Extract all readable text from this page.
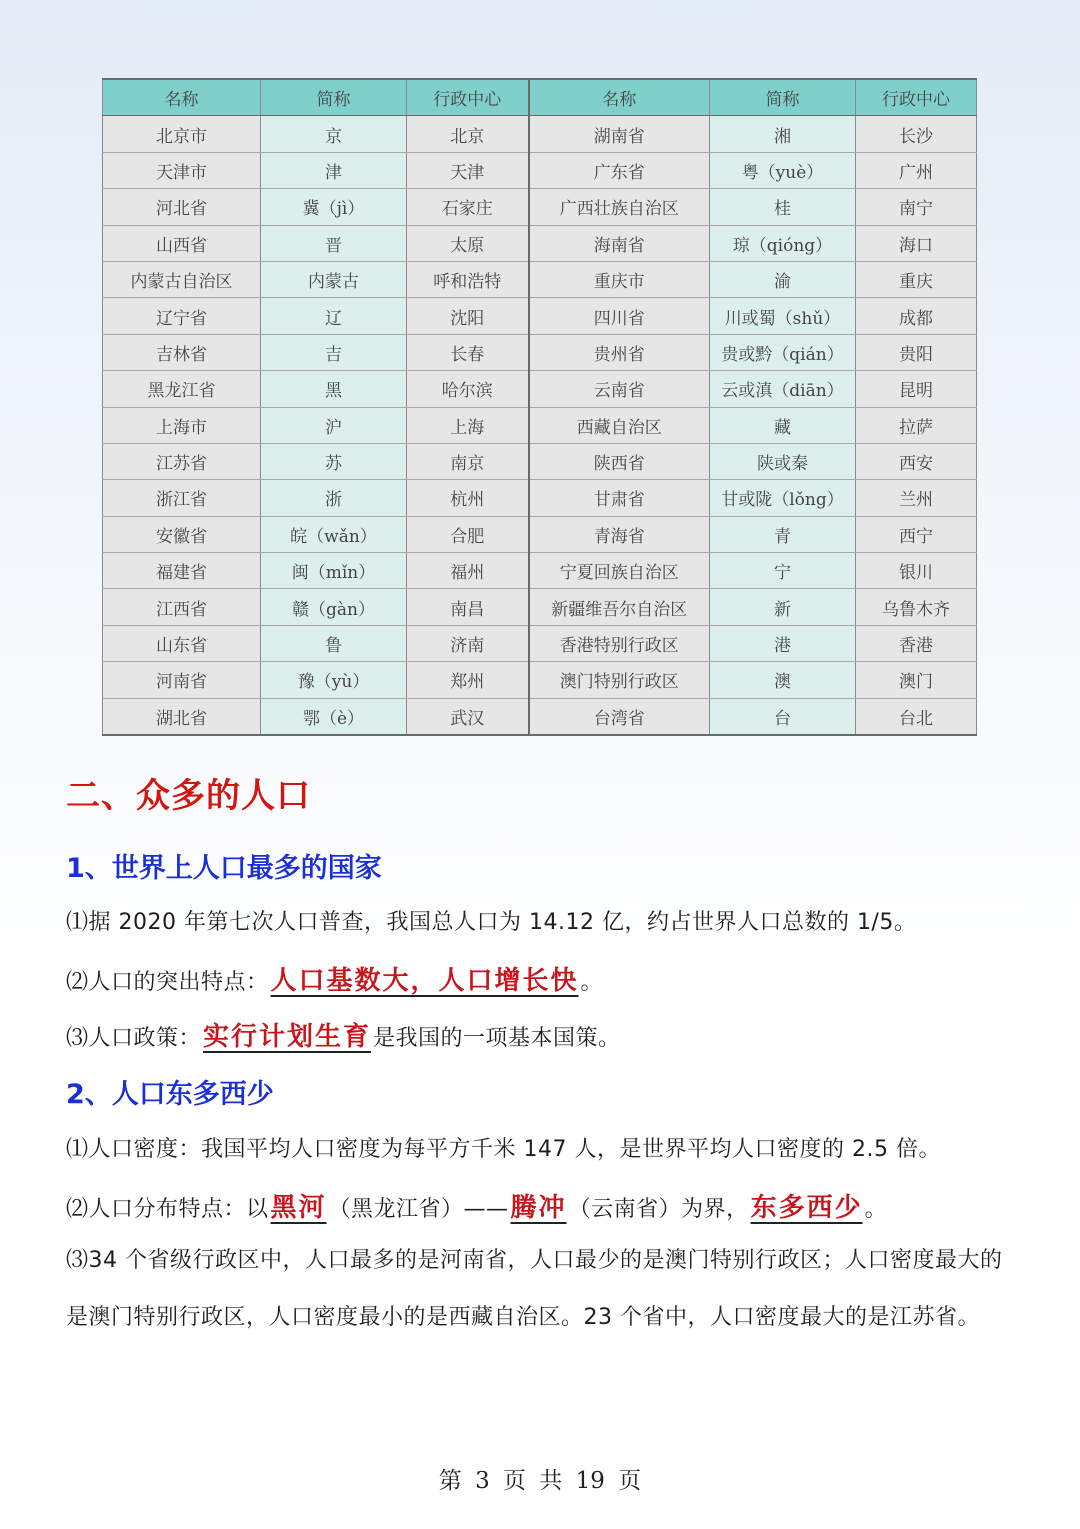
名称	简称	行政中心	名称	简称	行政中心
北京市	京	北京	湖南省	湘	长沙
天津市	津	天津	广东省	粤（yuè）	广州
河北省	冀（jì）	石家庄	广西壮族自治区	桂	南宁
山西省	晋	太原	海南省	琼（qióng）	海口
内蒙古自治区	内蒙古	呼和浩特	重庆市	渝	重庆
辽宁省	辽	沈阳	四川省	川或蜀（shǔ）	成都
吉林省	吉	长春	贵州省	贵或黔（qián）	贵阳
黑龙江省	黑	哈尔滨	云南省	云或滇（diān）	昆明
上海市	沪	上海	西藏自治区	藏	拉萨
江苏省	苏	南京	陕西省	陕或秦	西安
浙江省	浙	杭州	甘肃省	甘或陇（lǒng）	兰州
安徽省	皖（wǎn）	合肥	青海省	青	西宁
福建省	闽（mǐn）	福州	宁夏回族自治区	宁	银川
江西省	赣（gàn）	南昌	新疆维吾尔自治区	新	乌鲁木齐
山东省	鲁	济南	香港特别行政区	港	香港
河南省	豫（yù）	郑州	澳门特别行政区	澳	澳门
湖北省	鄂（è）	武汉	台湾省	台	台北
二、众多的人口
1、世界上人口最多的国家

⑴据 2020 年第七次人口普查，我国总人口为 14.12 亿，约占世界人口总数的 1/5。

⑵人口的突出特点：人口基数大，人口增长快。

⑶人口政策：实行计划生育是我国的一项基本国策。

2、人口东多西少

⑴人口密度：我国平均人口密度为每平方千米 147 人，是世界平均人口密度的 2.5 倍。

⑵人口分布特点：以黑河（黑龙江省）——腾冲（云南省）为界，东多西少。

⑶34 个省级行政区中，人口最多的是河南省，人口最少的是澳门特别行政区；人口密度最大的是澳门特别行政区，人口密度最小的是西藏自治区。23 个省中，人口密度最大的是江苏省。

第 3 页 共 19 页
